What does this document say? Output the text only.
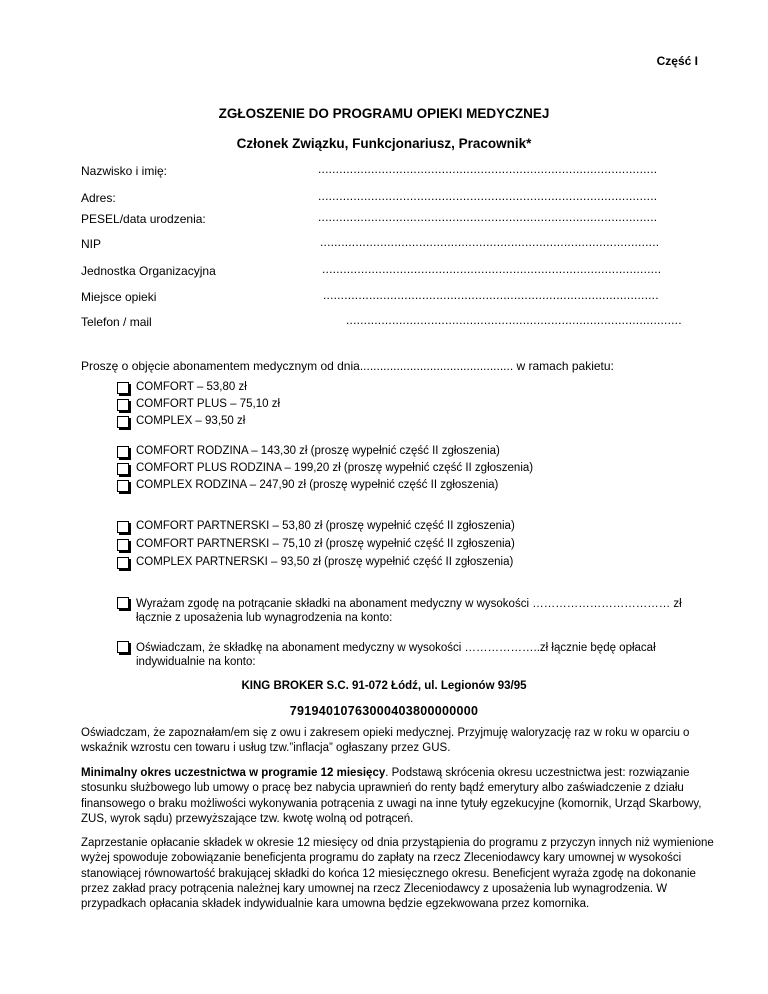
Część I
ZGŁOSZENIE DO PROGRAMU OPIEKI MEDYCZNEJ
Członek Związku, Funkcjonariusz, Pracownik*
Nazwisko i imię:	................................................................................................
Adres:	................................................................................................
PESEL/data urodzenia:	................................................................................................
NIP	................................................................................................
Jednostka Organizacyjna	................................................................................................
Miejsce opieki	...............................................................................................
Telefon / mail	...............................................................................................
Proszę o objęcie abonamentem medycznym od dnia.............................................. w ramach pakietu:
COMFORT – 53,80 zł
COMFORT PLUS – 75,10 zł
COMPLEX – 93,50 zł
COMFORT RODZINA – 143,30 zł (proszę wypełnić część II zgłoszenia)
COMFORT PLUS RODZINA – 199,20 zł (proszę wypełnić część II zgłoszenia)
COMPLEX RODZINA – 247,90 zł (proszę wypełnić część II zgłoszenia)
COMFORT PARTNERSKI – 53,80 zł (proszę wypełnić część II zgłoszenia)
COMFORT PARTNERSKI – 75,10 zł (proszę wypełnić część II zgłoszenia)
COMPLEX PARTNERSKI – 93,50 zł (proszę wypełnić część II zgłoszenia)
Wyrażam zgodę na potrącanie składki na abonament medyczny w wysokości ……………………………… zł
łącznie z uposażenia lub wynagrodzenia na konto:
Oświadczam, że składkę na abonament medyczny w wysokości ………………..zł łącznie będę opłacał
indywidualnie na konto:
KING BROKER S.C. 91-072 Łódź, ul. Legionów 93/95
79194010763000403800000000
Oświadczam, że zapoznałam/em się z owu i zakresem opieki medycznej. Przyjmuję waloryzację raz w roku w oparciu o wskaźnik wzrostu cen towaru i usług tzw.”inflacja” ogłaszany przez GUS.
Minimalny okres uczestnictwa w programie 12 miesięcy. Podstawą skrócenia okresu uczestnictwa jest: rozwiązanie stosunku służbowego lub umowy o pracę bez nabycia uprawnień do renty bądź emerytury albo zaświadczenie z działu finansowego o braku możliwości wykonywania potrącenia z uwagi na inne tytuły egzekucyjne (komornik, Urząd Skarbowy, ZUS, wyrok sądu) przewyższające tzw. kwotę wolną od potrąceń.
Zaprzestanie opłacanie składek w okresie 12 miesięcy od dnia przystąpienia do programu z przyczyn innych niż wymienione wyżej spowoduje zobowiązanie beneficjenta programu do zapłaty na rzecz Zleceniodawcy kary umownej w wysokości stanowiącej równowartość brakującej składki do końca 12 miesięcznego okresu. Beneficjent wyraża zgodę na dokonanie przez zakład pracy potrącenia należnej kary umownej na rzecz Zleceniodawcy z uposażenia lub wynagrodzenia. W przypadkach opłacania składek indywidualnie kara umowna będzie egzekwowana przez komornika.
